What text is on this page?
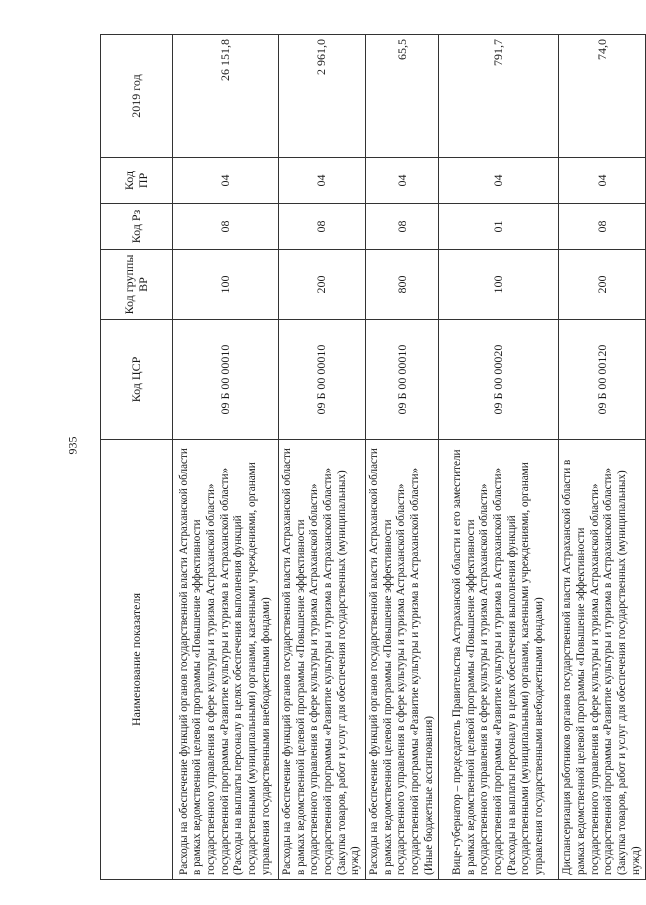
935
Наименование показателя	Код ЦСР	Код группы ВР	Код Рз	Код ПР	2019 год
Расходы на обеспечение функций органов государственной власти Астраханской области в рамках ведомственной целевой программы «Повышение эффективности государственного управления в сфере культуры и туризма Астраханской области» государственной программы «Развитие культуры и туризма в Астраханской области» (Расходы на выплаты персоналу в целях обеспечения выполнения функций государственными (муниципальными) органами, казенными учреждениями, органами управления государственными внебюджетными фондами)	09 Б 00 00010	100	08	04	26 151,8
Расходы на обеспечение функций органов государственной власти Астраханской области в рамках ведомственной целевой программы «Повышение эффективности государственного управления в сфере культуры и туризма Астраханской области» государственной программы «Развитие культуры и туризма в Астраханской области» (Закупка товаров, работ и услуг для обеспечения государственных (муниципальных) нужд)	09 Б 00 00010	200	08	04	2 961,0
Расходы на обеспечение функций органов государственной власти Астраханской области в рамках ведомственной целевой программы «Повышение эффективности государственного управления в сфере культуры и туризма Астраханской области» государственной программы «Развитие культуры и туризма в Астраханской области» (Иные бюджетные ассигнования)	09 Б 00 00010	800	08	04	65,5
Вице-губернатор – председатель Правительства Астраханской области и его заместители в рамках ведомственной целевой программы «Повышение эффективности государственного управления в сфере культуры и туризма Астраханской области» государственной программы «Развитие культуры и туризма в Астраханской области» (Расходы на выплаты персоналу в целях обеспечения выполнения функций государственными (муниципальными) органами, казенными учреждениями, органами управления государственными внебюджетными фондами)	09 Б 00 00020	100	01	04	791,7
Диспансеризация работников органов государственной власти Астраханской области в рамках ведомственной целевой программы «Повышение эффективности государственного управления в сфере культуры и туризма Астраханской области» государственной программы «Развитие культуры и туризма в Астраханской области» (Закупка товаров, работ и услуг для обеспечения государственных (муниципальных) нужд)	09 Б 00 00120	200	08	04	74,0
